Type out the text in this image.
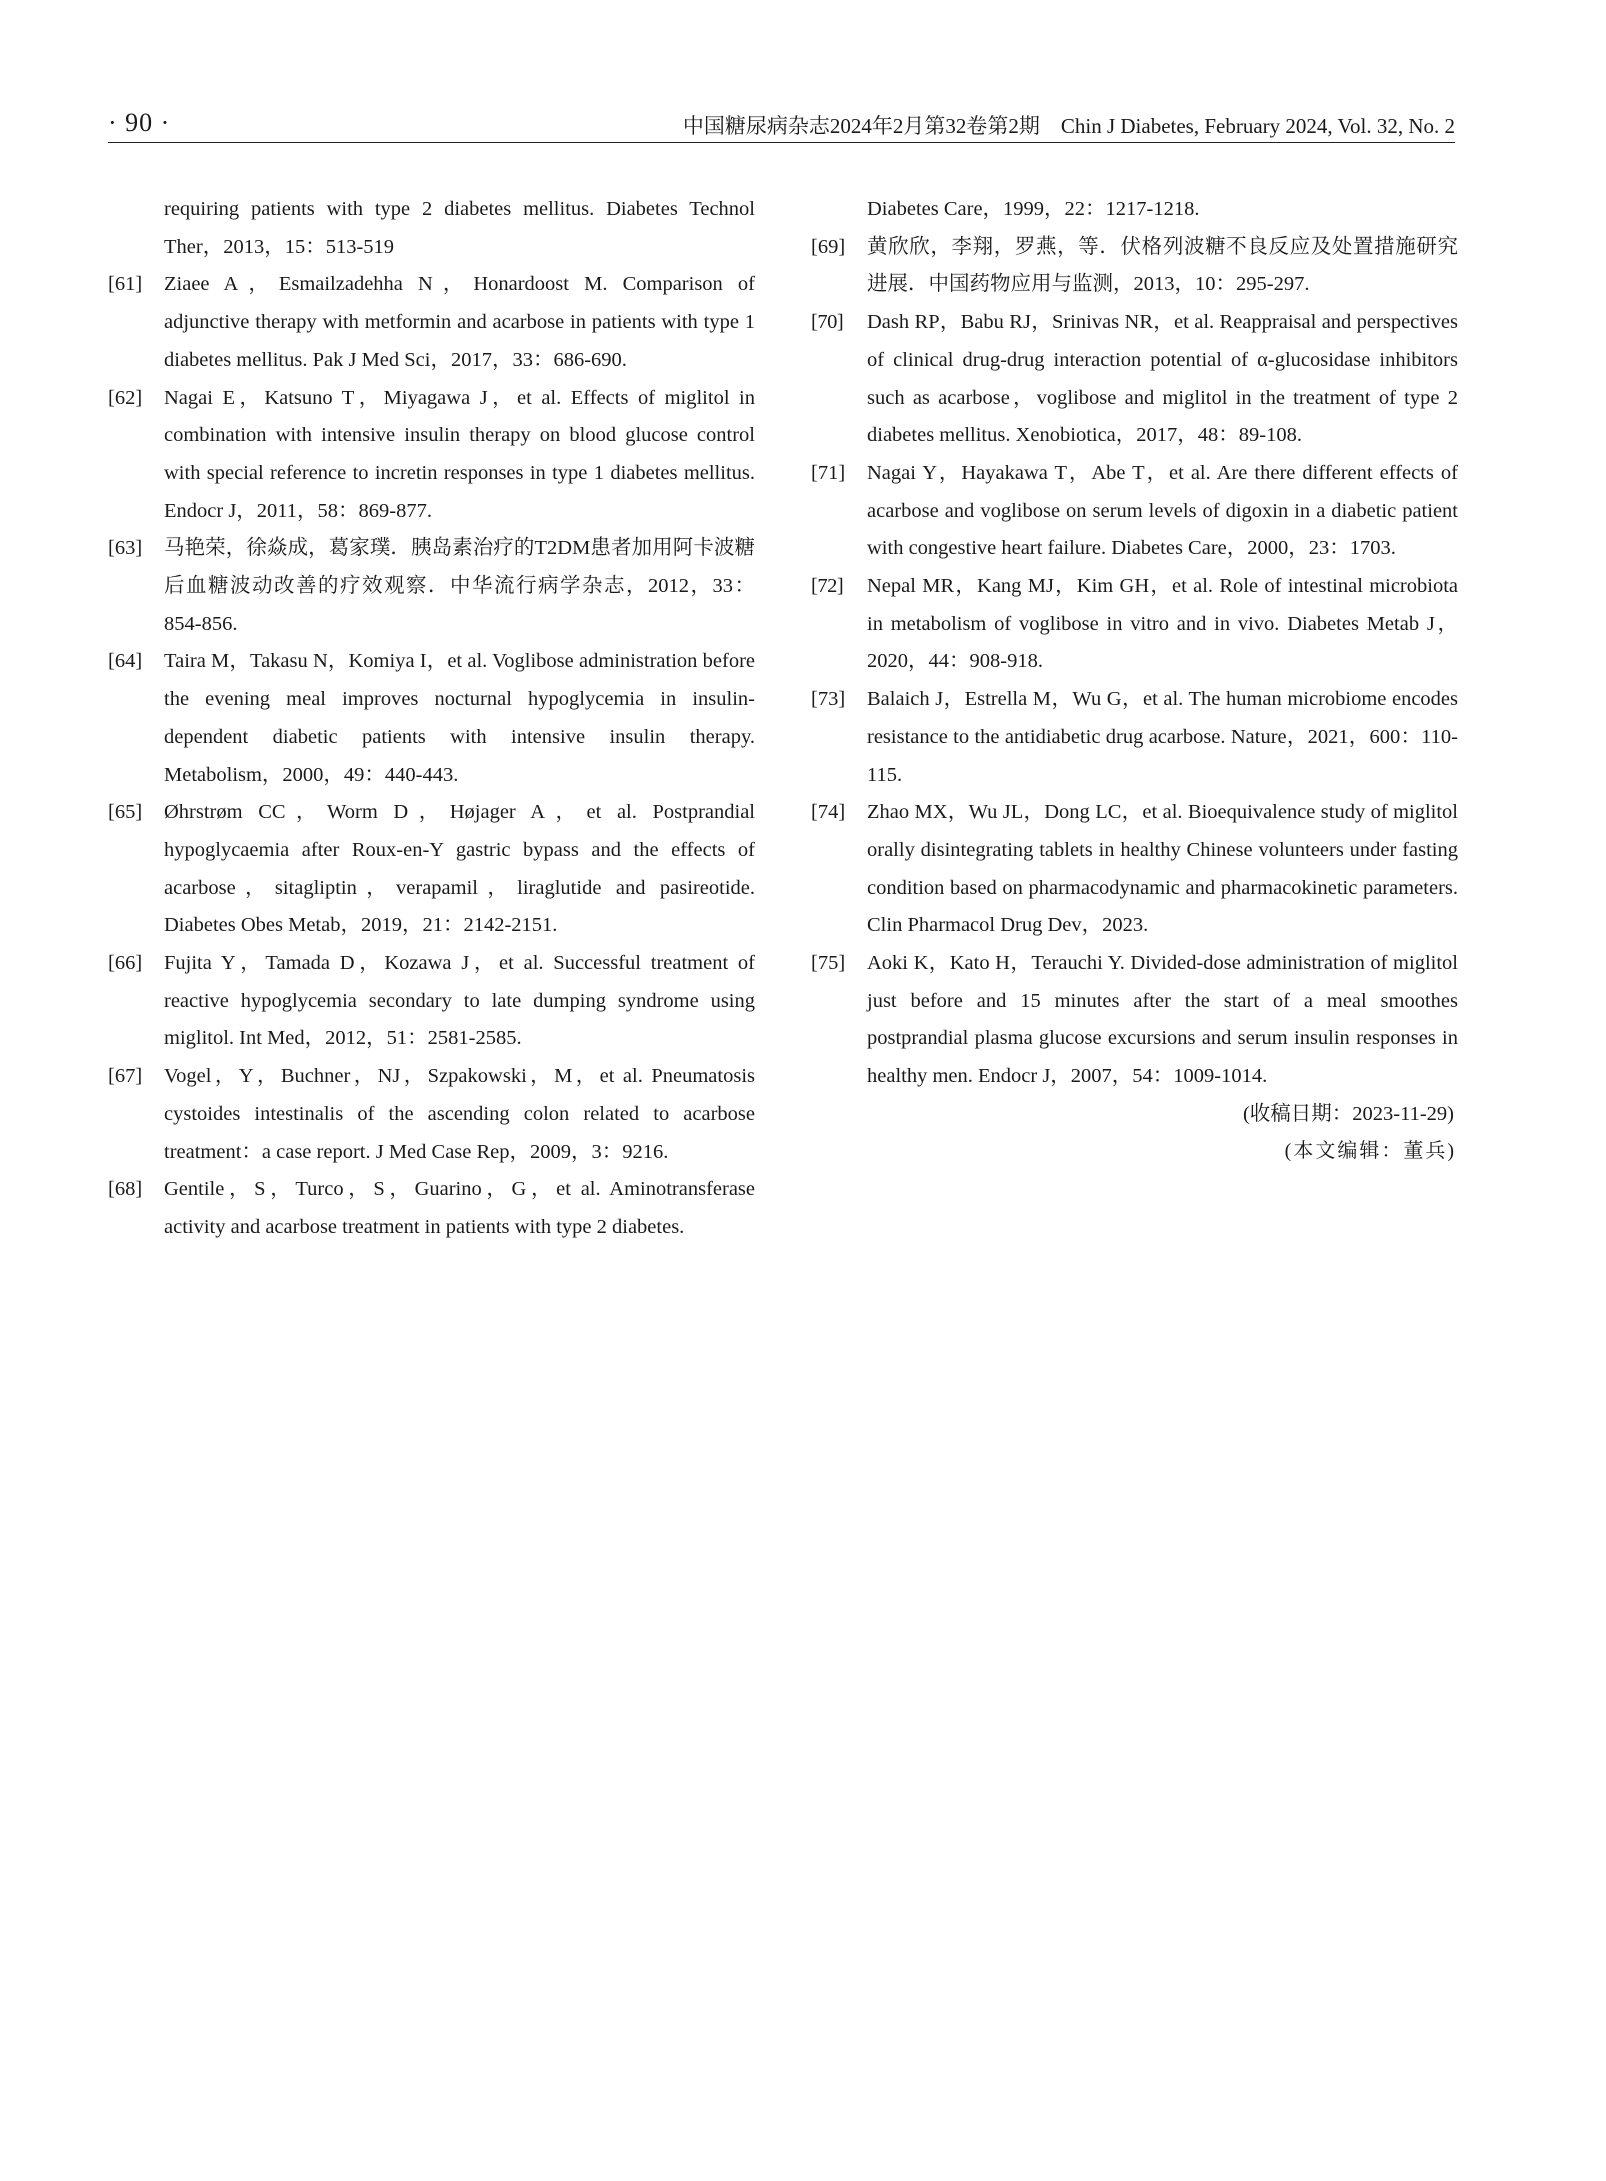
· 90 ·	中国糖尿病杂志2024年2月第32卷第2期　Chin J Diabetes, February 2024, Vol. 32, No. 2
requiring patients with type 2 diabetes mellitus. Diabetes Technol Ther，2013，15：513-519
[61] Ziaee A，Esmailzadehha N，Honardoost M. Comparison of adjunctive therapy with metformin and acarbose in patients with type 1 diabetes mellitus. Pak J Med Sci，2017，33：686-690.
[62] Nagai E，Katsuno T，Miyagawa J，et al. Effects of miglitol in combination with intensive insulin therapy on blood glucose control with special reference to incretin responses in type 1 diabetes mellitus. Endocr J，2011，58：869-877.
[63] 马艳荣，徐焱成，葛家璞．胰岛素治疗的T2DM患者加用阿卡波糖后血糖波动改善的疗效观察．中华流行病学杂志，2012，33：854-856.
[64] Taira M，Takasu N，Komiya I，et al. Voglibose administration before the evening meal improves nocturnal hypoglycemia in insulin-dependent diabetic patients with intensive insulin therapy. Metabolism，2000，49：440-443.
[65] Øhrstrøm CC，Worm D，Højager A，et al. Postprandial hypoglycaemia after Roux-en-Y gastric bypass and the effects of acarbose，sitagliptin，verapamil，liraglutide and pasireotide. Diabetes Obes Metab，2019，21：2142-2151.
[66] Fujita Y，Tamada D，Kozawa J，et al. Successful treatment of reactive hypoglycemia secondary to late dumping syndrome using miglitol. Int Med，2012，51：2581-2585.
[67] Vogel，Y，Buchner，NJ，Szpakowski，M，et al. Pneumatosis cystoides intestinalis of the ascending colon related to acarbose treatment：a case report. J Med Case Rep，2009，3：9216.
[68] Gentile，S，Turco，S，Guarino，G，et al. Aminotransferase activity and acarbose treatment in patients with type 2 diabetes.
Diabetes Care，1999，22：1217-1218.
[69] 黄欣欣，李翔，罗燕，等．伏格列波糖不良反应及处置措施研究进展．中国药物应用与监测，2013，10：295-297.
[70] Dash RP，Babu RJ，Srinivas NR，et al. Reappraisal and perspectives of clinical drug-drug interaction potential of α-glucosidase inhibitors such as acarbose，voglibose and miglitol in the treatment of type 2 diabetes mellitus. Xenobiotica，2017，48：89-108.
[71] Nagai Y，Hayakawa T，Abe T，et al. Are there different effects of acarbose and voglibose on serum levels of digoxin in a diabetic patient with congestive heart failure. Diabetes Care，2000，23：1703.
[72] Nepal MR，Kang MJ，Kim GH，et al. Role of intestinal microbiota in metabolism of voglibose in vitro and in vivo. Diabetes Metab J，2020，44：908-918.
[73] Balaich J，Estrella M，Wu G，et al. The human microbiome encodes resistance to the antidiabetic drug acarbose. Nature，2021，600：110-115.
[74] Zhao MX，Wu JL，Dong LC，et al. Bioequivalence study of miglitol orally disintegrating tablets in healthy Chinese volunteers under fasting condition based on pharmacodynamic and pharmacokinetic parameters. Clin Pharmacol Drug Dev，2023.
[75] Aoki K，Kato H，Terauchi Y. Divided-dose administration of miglitol just before and 15 minutes after the start of a meal smoothes postprandial plasma glucose excursions and serum insulin responses in healthy men. Endocr J，2007，54：1009-1014.
(收稿日期：2023-11-29)
(本文编辑：董兵)
